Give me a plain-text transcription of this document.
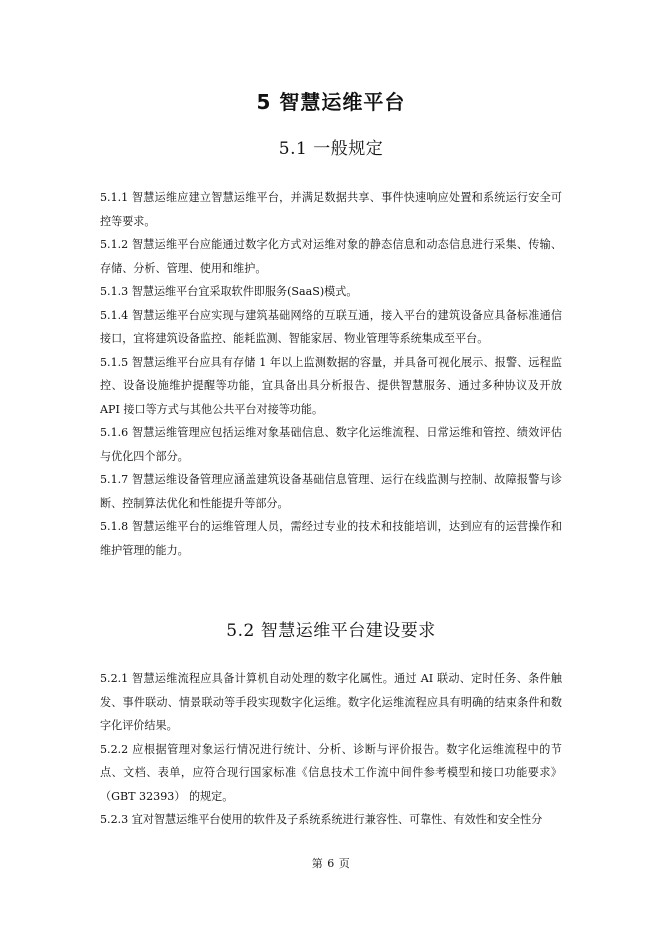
5 智慧运维平台
5.1 一般规定

5.1.1 智慧运维应建立智慧运维平台，并满足数据共享、事件快速响应处置和系统运行安全可控等要求。

5.1.2 智慧运维平台应能通过数字化方式对运维对象的静态信息和动态信息进行采集、传输、存储、分析、管理、使用和维护。

5.1.3 智慧运维平台宜采取软件即服务(SaaS)模式。

5.1.4 智慧运维平台应实现与建筑基础网络的互联互通，接入平台的建筑设备应具备标准通信接口，宜将建筑设备监控、能耗监测、智能家居、物业管理等系统集成至平台。

5.1.5 智慧运维平台应具有存储 1 年以上监测数据的容量，并具备可视化展示、报警、远程监控、设备设施维护提醒等功能，宜具备出具分析报告、提供智慧服务、通过多种协议及开放 API 接口等方式与其他公共平台对接等功能。

5.1.6 智慧运维管理应包括运维对象基础信息、数字化运维流程、日常运维和管控、绩效评估与优化四个部分。

5.1.7 智慧运维设备管理应涵盖建筑设备基础信息管理、运行在线监测与控制、故障报警与诊断、控制算法优化和性能提升等部分。

5.1.8 智慧运维平台的运维管理人员，需经过专业的技术和技能培训，达到应有的运营操作和维护管理的能力。

5.2 智慧运维平台建设要求

5.2.1 智慧运维流程应具备计算机自动处理的数字化属性。通过 AI 联动、定时任务、条件触发、事件联动、情景联动等手段实现数字化运维。数字化运维流程应具有明确的结束条件和数字化评价结果。

5.2.2 应根据管理对象运行情况进行统计、分析、诊断与评价报告。数字化运维流程中的节点、文档、表单，应符合现行国家标准《信息技术工作流中间件参考模型和接口功能要求》（GBT 32393） 的规定。

5.2.3 宜对智慧运维平台使用的软件及子系统系统进行兼容性、可靠性、有效性和安全性分

第 6 页
